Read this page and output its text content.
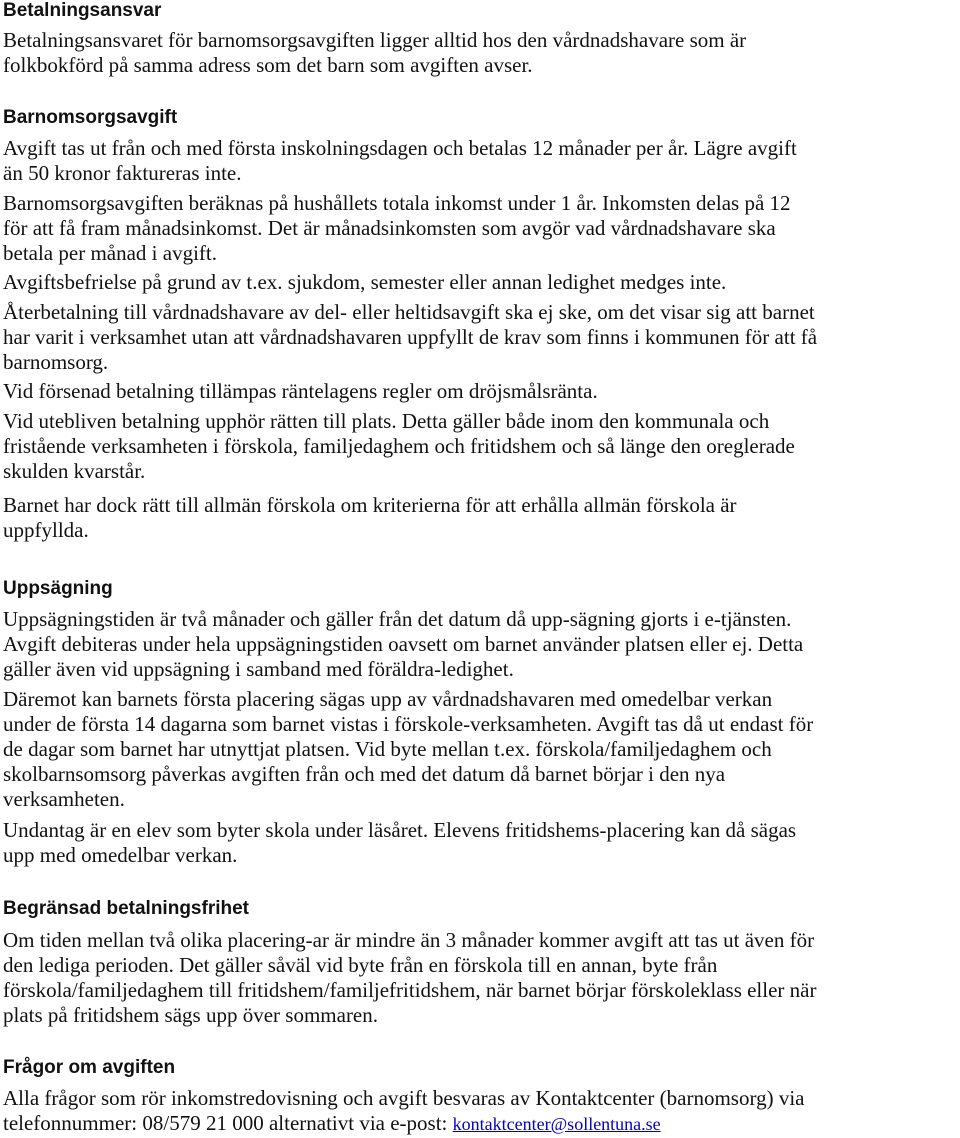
Betalningsansvar
Betalningsansvaret för barnomsorgsavgiften ligger alltid hos den vårdnadshavare som är
folkbokförd på samma adress som det barn som avgiften avser.
Barnomsorgsavgift
Avgift tas ut från och med första inskolningsdagen och betalas 12 månader per år. Lägre avgift
än 50 kronor faktureras inte.
Barnomsorgsavgiften beräknas på hushållets totala inkomst under 1 år. Inkomsten delas på 12
för att få fram månadsinkomst. Det är månadsinkomsten som avgör vad vårdnadshavare ska
betala per månad i avgift.
Avgiftsbefrielse på grund av t.ex. sjukdom, semester eller annan ledighet medges inte.
Återbetalning till vårdnadshavare av del- eller heltidsavgift ska ej ske, om det visar sig att barnet
har varit i verksamhet utan att vårdnadshavaren uppfyllt de krav som finns i kommunen för att få
barnomsorg.
Vid försenad betalning tillämpas räntelagens regler om dröjsmålsränta.
Vid utebliven betalning upphör rätten till plats. Detta gäller både inom den kommunala och
fristående verksamheten i förskola, familjedaghem och fritidshem och så länge den oreglerade
skulden kvarstår.
Barnet har dock rätt till allmän förskola om kriterierna för att erhålla allmän förskola är
uppfyllda.
Uppsägning
Uppsägningstiden är två månader och gäller från det datum då upp-sägning gjorts i e-tjänsten.
Avgift debiteras under hela uppsägningstiden oavsett om barnet använder platsen eller ej. Detta
gäller även vid uppsägning i samband med föräldra-ledighet.
Däremot kan barnets första placering sägas upp av vårdnadshavaren med omedelbar verkan
under de första 14 dagarna som barnet vistas i förskole-verksamheten. Avgift tas då ut endast för
de dagar som barnet har utnyttjat platsen. Vid byte mellan t.ex. förskola/familjedaghem och
skolbarnsomsorg påverkas avgiften från och med det datum då barnet börjar i den nya
verksamheten.
Undantag är en elev som byter skola under läsåret. Elevens fritidshems-placering kan då sägas
upp med omedelbar verkan.
Begränsad betalningsfrihet
Om tiden mellan två olika placering-ar är mindre än 3 månader kommer avgift att tas ut även för
den lediga perioden. Det gäller såväl vid byte från en förskola till en annan, byte från
förskola/familjedaghem till fritidshem/familjefritidshem, när barnet börjar förskoleklass eller när
plats på fritidshem sägs upp över sommaren.
Frågor om avgiften
Alla frågor som rör inkomstredovisning och avgift besvaras av Kontaktcenter (barnomsorg) via
telefonnummer: 08/579 21 000 alternativt via e-post: kontaktcenter@sollentuna.se
